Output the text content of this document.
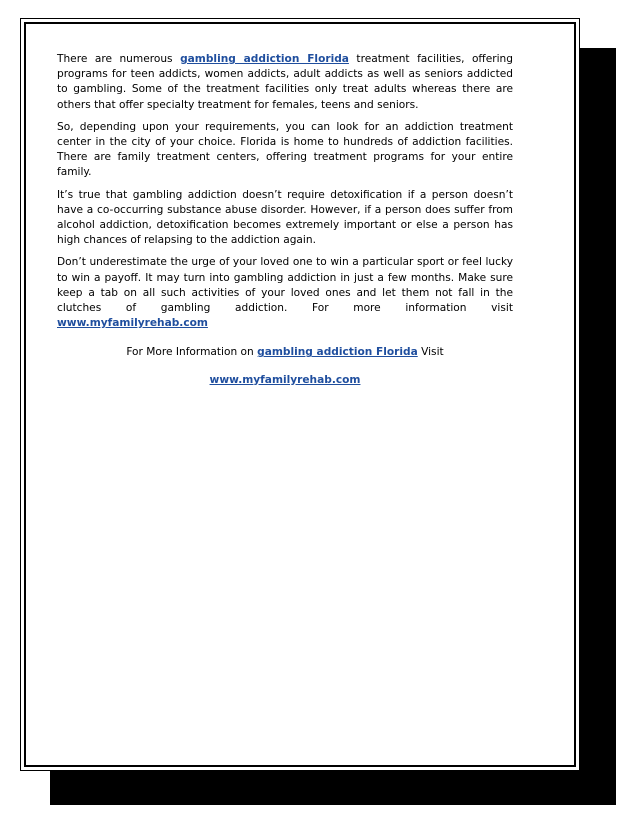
There are numerous gambling addiction Florida treatment facilities, offering programs for teen addicts, women addicts, adult addicts as well as seniors addicted to gambling. Some of the treatment facilities only treat adults whereas there are others that offer specialty treatment for females, teens and seniors.

So, depending upon your requirements, you can look for an addiction treatment center in the city of your choice. Florida is home to hundreds of addiction facilities. There are family treatment centers, offering treatment programs for your entire family.

It’s true that gambling addiction doesn’t require detoxification if a person doesn’t have a co-occurring substance abuse disorder. However, if a person does suffer from alcohol addiction, detoxification becomes extremely important or else a person has high chances of relapsing to the addiction again.

Don’t underestimate the urge of your loved one to win a particular sport or feel lucky to win a payoff. It may turn into gambling addiction in just a few months. Make sure keep a tab on all such activities of your loved ones and let them not fall in the clutches of gambling addiction. For more information visit
www.myfamilyrehab.com

For More Information on gambling addiction Florida Visit
www.myfamilyrehab.com
